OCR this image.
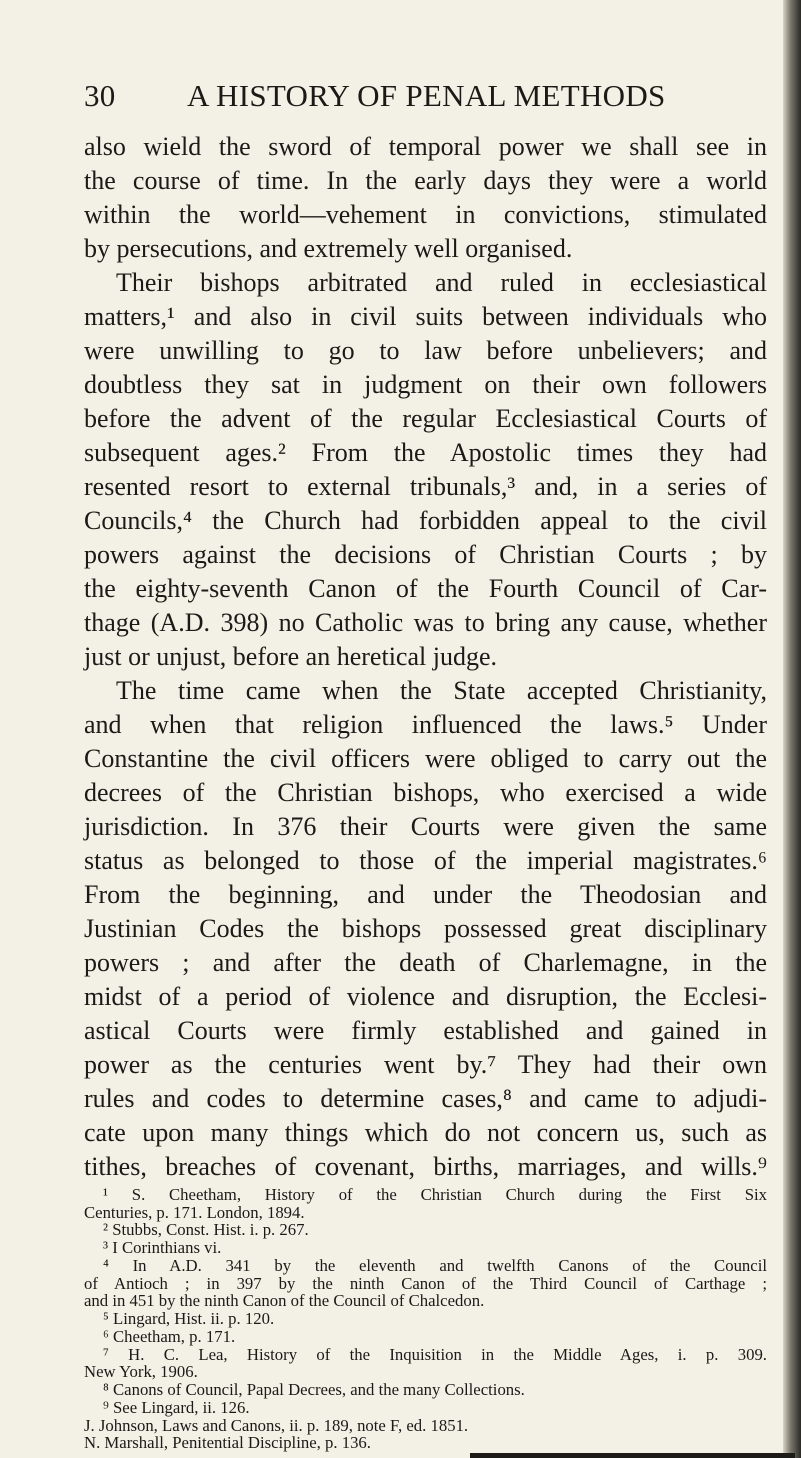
30 A HISTORY OF PENAL METHODS
also wield the sword of temporal power we shall see in
the course of time. In the early days they were a world
within the world—vehement in convictions, stimulated
by persecutions, and extremely well organised.
Their bishops arbitrated and ruled in ecclesiastical
matters,¹ and also in civil suits between individuals who
were unwilling to go to law before unbelievers; and
doubtless they sat in judgment on their own followers
before the advent of the regular Ecclesiastical Courts of
subsequent ages.² From the Apostolic times they had
resented resort to external tribunals,³ and, in a series of
Councils,⁴ the Church had forbidden appeal to the civil
powers against the decisions of Christian Courts ; by
the eighty-seventh Canon of the Fourth Council of Car-
thage (A.D. 398) no Catholic was to bring any cause, whether
just or unjust, before an heretical judge.
The time came when the State accepted Christianity,
and when that religion influenced the laws.⁵ Under
Constantine the civil officers were obliged to carry out the
decrees of the Christian bishops, who exercised a wide
jurisdiction. In 376 their Courts were given the same
status as belonged to those of the imperial magistrates.⁶
From the beginning, and under the Theodosian and
Justinian Codes the bishops possessed great disciplinary
powers ; and after the death of Charlemagne, in the
midst of a period of violence and disruption, the Ecclesi-
astical Courts were firmly established and gained in
power as the centuries went by.⁷ They had their own
rules and codes to determine cases,⁸ and came to adjudi-
cate upon many things which do not concern us, such as
tithes, breaches of covenant, births, marriages, and wills.⁹
¹ S. Cheetham, History of the Christian Church during the First Six
Centuries, p. 171. London, 1894.
² Stubbs, Const. Hist. i. p. 267.
³ I Corinthians vi.
⁴ In A.D. 341 by the eleventh and twelfth Canons of the Council
of Antioch ; in 397 by the ninth Canon of the Third Council of Carthage ;
and in 451 by the ninth Canon of the Council of Chalcedon.
⁵ Lingard, Hist. ii. p. 120.
⁶ Cheetham, p. 171.
⁷ H. C. Lea, History of the Inquisition in the Middle Ages, i. p. 309.
New York, 1906.
⁸ Canons of Council, Papal Decrees, and the many Collections.
⁹ See Lingard, ii. 126.
J. Johnson, Laws and Canons, ii. p. 189, note F, ed. 1851.
N. Marshall, Penitential Discipline, p. 136.
